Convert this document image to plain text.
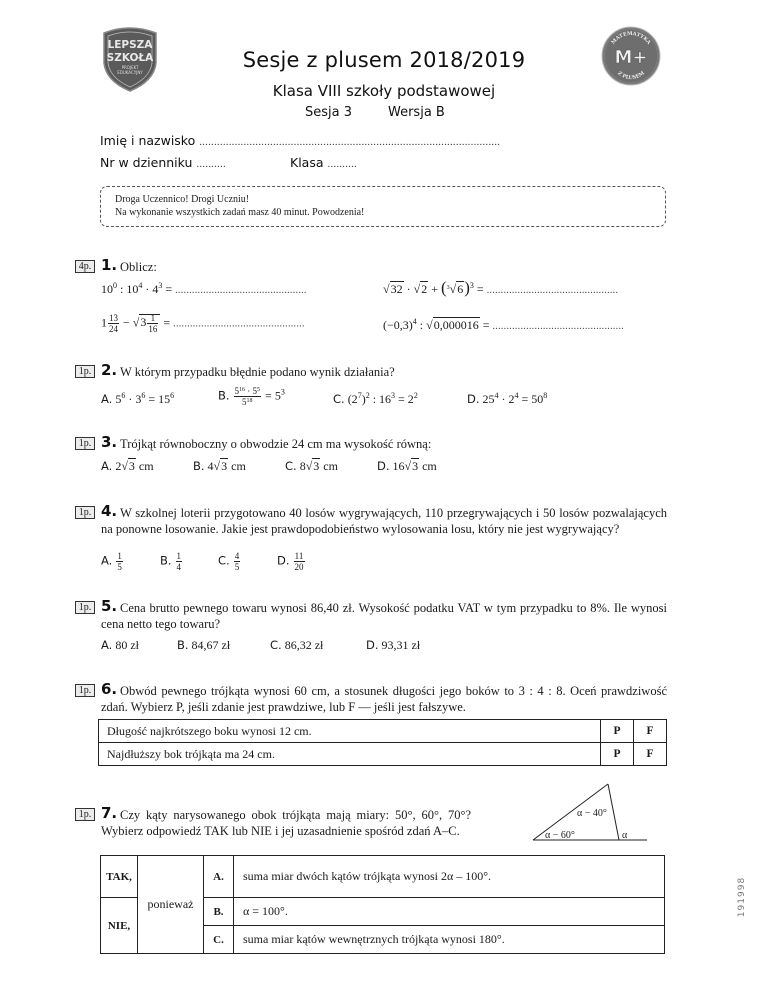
LEPSZA
SZKOŁA
PROJEKT
EDUKACYJNY
Sesje z plusem 2018/2019
Klasa VIII szkoły podstawowej
Sesja 3	Wersja B
MATEMATYKA
Z PLUSEM
M+
Imię i nazwisko ......................................................................................................
Nr w dzienniku ..........	Klasa ..........
Droga Uczennico! Drogi Uczniu!
Na wykonanie wszystkich zadań masz 40 minut. Powodzenia!
4p. 1. Oblicz:
$10^0$ : $10^4 \cdot 4^3$ = ...............................................	$√32 \cdot √2 + (^3√6)^3$ = ...............................................
$1 \frac{13}{24} - √3 \frac{1}{16}$ = ...............................................	$(-0,3)^4$ : √0,000016 = ...............................................
1p. 2. W którym przypadku błędnie podano wynik działania?
A. $5^6 \cdot 3^6 = 15^6$	B. $\frac{5^{16} \cdot 5^5}{5^{18}} = 5^3$
C. $(2^7)^2$ : $16^3 = 2^2$	D. $25^4 \cdot 2^4 = 50^8$
1p. 3. Trójkąt równoboczny o obwodzie 24 cm ma wysokość równą:
A. 2√3 cm	B. 4√3 cm	C. 8√3 cm	D. 16√3 cm
1p. 4. W szkolnej loterii przygotowano 40 losów wygrywających, 110 przegrywających i 50 losów pozwalających na ponowne losowanie. Jakie jest prawdopodobieństwo wylosowania losu, który nie jest wygrywający?
A. $\frac{1}{5}$	B. $\frac{1}{4}$	C. $\frac{4}{5}$	D. $\frac{11}{20}$
1p. 5. Cena brutto pewnego towaru wynosi 86,40 zł. Wysokość podatku VAT w tym przypadku to 8%. Ile wynosi cena netto tego towaru?
A. 80 zł	B. 84,67 zł	C. 86,32 zł	D. 93,31 zł
1p. 6. Obwód pewnego trójkąta wynosi 60 cm, a stosunek długości jego boków to 3 : 4 : 8. Oceń prawdziwość zdań. Wybierz P, jeśli zdanie jest prawdziwe, lub F — jeśli jest fałszywe.
Długość najkrótszego boku wynosi 12 cm.	P	F
Najdłuższy bok trójkąta ma 24 cm.	P	F
1p. 7. Czy kąty narysowanego obok trójkąta mają miary: 50°, 60°, 70°? Wybierz odpowiedź TAK lub NIE i jej uzasadnienie spośród zdań A–C.
α − 40°
α − 60°	α
TAK,	ponieważ	A.	suma miar dwóch kątów trójkąta wynosi 2α – 100°.
NIE,		B.	α = 100°.
		C.	suma miar kątów wewnętrznych trójkąta wynosi 180°.
191998
